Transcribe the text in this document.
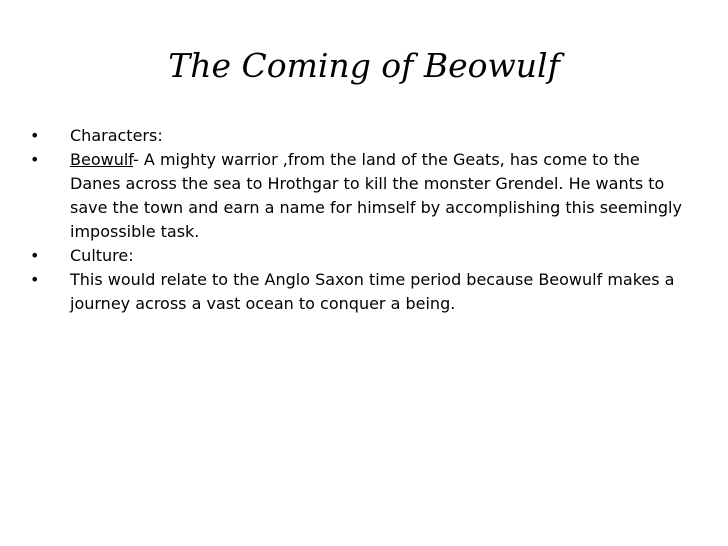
The Coming of Beowulf
•	Characters:
•	Beowulf- A mighty warrior ,from the land of the Geats, has come to the Danes across the sea to Hrothgar to kill the monster Grendel. He wants to save the town and earn a name for himself by accomplishing this seemingly impossible task.
•	Culture:
•	This would relate to the Anglo Saxon time period because Beowulf makes a journey across a vast ocean to conquer a being.
